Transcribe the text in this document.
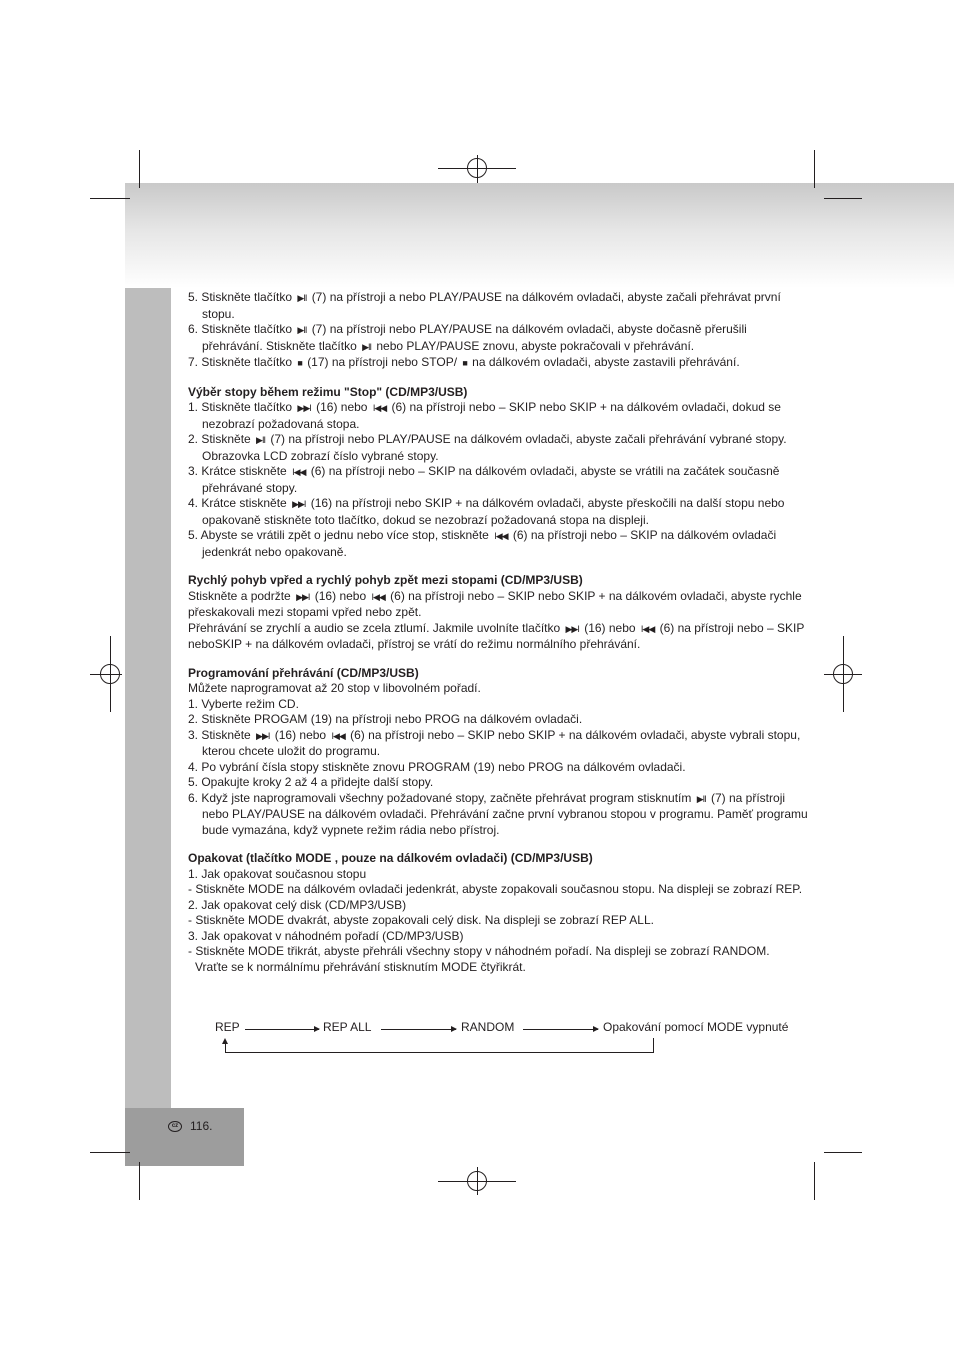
5. Stiskněte tlačítko ▶II (7) na přístroji a nebo PLAY/PAUSE na dálkovém ovladači, abyste začali přehrávat první stopu.

6. Stiskněte tlačítko ▶II (7) na přístroji nebo PLAY/PAUSE na dálkovém ovladači, abyste dočasně přerušili přehrávání. Stiskněte tlačítko ▶II nebo PLAY/PAUSE znovu, abyste pokračovali v přehrávání.

7. Stiskněte tlačítko ■ (17) na přístroji nebo STOP/ ■ na dálkovém ovladači, abyste zastavili přehrávání.

Výběr stopy během režimu "Stop" (CD/MP3/USB)

1. Stiskněte tlačítko ▶▶I (16) nebo I◀◀ (6) na přístroji nebo – SKIP nebo SKIP + na dálkovém ovladači, dokud se nezobrazí požadovaná stopa.

2. Stiskněte ▶II (7) na přístroji nebo PLAY/PAUSE na dálkovém ovladači, abyste začali přehrávání vybrané stopy. Obrazovka LCD zobrazí číslo vybrané stopy.

3. Krátce stiskněte I◀◀ (6) na přístroji nebo – SKIP na dálkovém ovladači, abyste se vrátili na začátek současně přehrávané stopy.

4. Krátce stiskněte ▶▶I (16) na přístroji nebo SKIP + na dálkovém ovladači, abyste přeskočili na další stopu nebo opakovaně stiskněte toto tlačítko, dokud se nezobrazí požadovaná stopa na displeji.

5. Abyste se vrátili zpět o jednu nebo více stop, stiskněte I◀◀ (6) na přístroji nebo – SKIP na dálkovém ovladači jedenkrát nebo opakovaně.

Rychlý pohyb vpřed a rychlý pohyb zpět mezi stopami (CD/MP3/USB)

Stiskněte a podržte ▶▶I (16) nebo I◀◀ (6) na přístroji nebo – SKIP nebo SKIP + na dálkovém ovladači, abyste rychle přeskakovali mezi stopami vpřed nebo zpět.

Přehrávání se zrychlí a audio se zcela ztlumí. Jakmile uvolníte tlačítko ▶▶I (16) nebo I◀◀ (6) na přístroji nebo – SKIP neboSKIP + na dálkovém ovladači, přístroj se vrátí do režimu normálního přehrávání.

Programování přehrávání (CD/MP3/USB)

Můžete naprogramovat až 20 stop v libovolném pořadí.

1. Vyberte režim CD.

2. Stiskněte PROGAM (19) na přístroji nebo PROG na dálkovém ovladači.

3. Stiskněte ▶▶I (16) nebo I◀◀ (6) na přístroji nebo – SKIP nebo SKIP + na dálkovém ovladači, abyste vybrali stopu, kterou chcete uložit do programu.

4. Po vybrání čísla stopy stiskněte znovu PROGRAM (19) nebo PROG na dálkovém ovladači.

5. Opakujte kroky 2 až 4 a přidejte další stopy.

6. Když jste naprogramovali všechny požadované stopy, začněte přehrávat program stisknutím ▶II (7) na přístroji nebo PLAY/PAUSE na dálkovém ovladači. Přehrávání začne první vybranou stopou v programu. Paměť programu bude vymazána, když vypnete režim rádia nebo přístroj.

Opakovat (tlačítko MODE , pouze na dálkovém ovladači) (CD/MP3/USB)

1. Jak opakovat současnou stopu

- Stiskněte MODE na dálkovém ovladači jedenkrát, abyste zopakovali současnou stopu. Na displeji se zobrazí REP.

2. Jak opakovat celý disk (CD/MP3/USB)

- Stiskněte MODE dvakrát, abyste zopakovali celý disk. Na displeji se zobrazí REP ALL.

3. Jak opakovat v náhodném pořadí (CD/MP3/USB)

- Stiskněte MODE třikrát, abyste přehráli všechny stopy v náhodném pořadí. Na displeji se zobrazí RANDOM.

Vraťte se k normálnímu přehrávání stisknutím MODE čtyřikrát.

REP	REP ALL	RANDOM	Opakování pomocí MODE vypnuté
cz 116.
